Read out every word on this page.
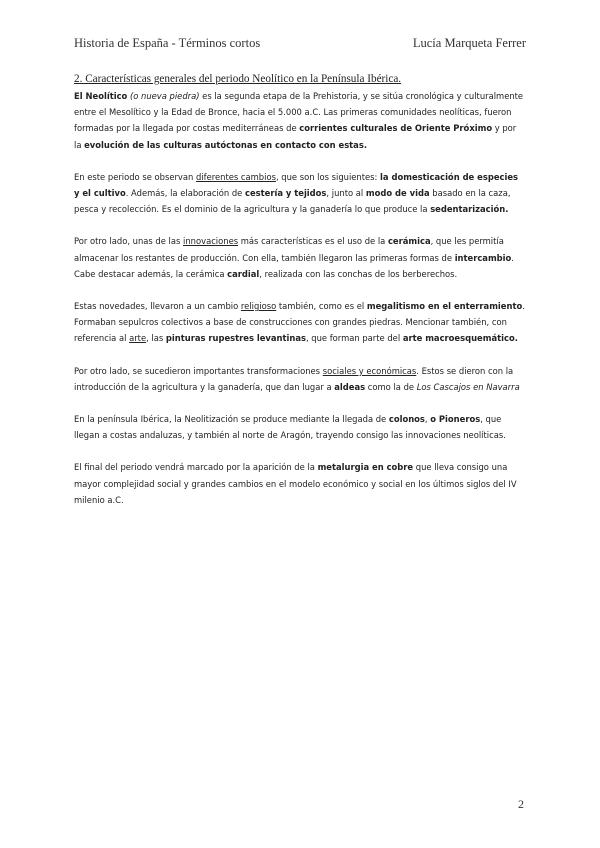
Historia de España - Términos cortos	Lucía Marqueta Ferrer
2. Características generales del periodo Neolítico en la Península Ibérica.

El Neolítico (o nueva piedra) es la segunda etapa de la Prehistoria, y se sitúa cronológica y culturalmente entre el Mesolítico y la Edad de Bronce, hacia el 5.000 a.C. Las primeras comunidades neolíticas, fueron formadas por la llegada por costas mediterráneas de corrientes culturales de Oriente Próximo y por la evolución de las culturas autóctonas en contacto con estas.

En este periodo se observan diferentes cambios, que son los siguientes: la domesticación de especies y el cultivo. Además, la elaboración de cestería y tejidos, junto al modo de vida basado en la caza, pesca y recolección. Es el dominio de la agricultura y la ganadería lo que produce la sedentarización.

Por otro lado, unas de las innovaciones más características es el uso de la cerámica, que les permitía almacenar los restantes de producción. Con ella, también llegaron las primeras formas de intercambio. Cabe destacar además, la cerámica cardial, realizada con las conchas de los berberechos.

Estas novedades, llevaron a un cambio religioso también, como es el megalitismo en el enterramiento. Formaban sepulcros colectivos a base de construcciones con grandes piedras. Mencionar también, con referencia al arte, las pinturas rupestres levantinas, que forman parte del arte macroesquemático.

Por otro lado, se sucedieron importantes transformaciones sociales y económicas. Estos se dieron con la introducción de la agricultura y la ganadería, que dan lugar a aldeas como la de Los Cascajos en Navarra

En la península Ibérica, la Neolitización se produce mediante la llegada de colonos, o Pioneros, que llegan a costas andaluzas, y también al norte de Aragón, trayendo consigo las innovaciones neolíticas.

El final del periodo vendrá marcado por la aparición de la metalurgia en cobre que lleva consigo una mayor complejidad social y grandes cambios en el modelo económico y social en los últimos siglos del IV milenio a.C.

2
